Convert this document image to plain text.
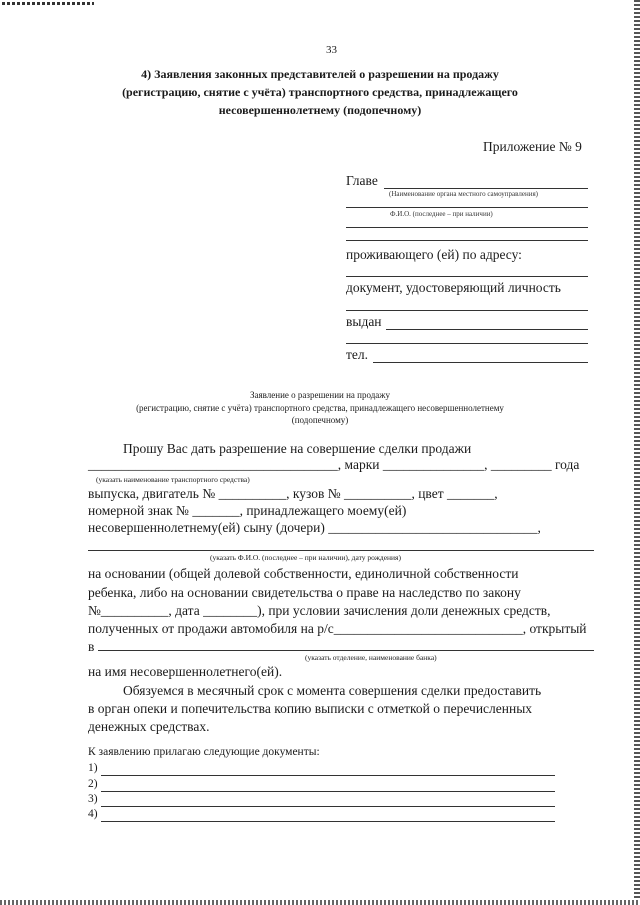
33
4) Заявления законных представителей о разрешении на продажу
(регистрацию, снятие с учёта) транспортного средства, принадлежащего
несовершеннолетнему (подопечному)
Приложение № 9
Главе
(Наименование органа местного самоуправления)
Ф.И.О. (последнее – при наличии)
проживающего (ей) по адресу:
документ, удостоверяющий личность
выдан
тел.
Заявление о разрешении на продажу
(регистрацию, снятие с учёта) транспортного средства, принадлежащего несовершеннолетнему
(подопечному)
Прошу Вас дать разрешение на совершение сделки продажи
_____________________________________, марки _______________, _________ года
(указать наименование транспортного средства)
выпуска, двигатель № __________, кузов № __________, цвет _______,
номерной знак № _______, принадлежащего моему(ей)
несовершеннолетнему(ей) сыну (дочери) _______________________________,
(указать Ф.И.О. (последнее – при наличии), дату рождения)
на основании (общей долевой собственности, единоличной собственности
ребенка, либо на основании свидетельства о праве на наследство по закону
№__________, дата ________), при условии зачисления доли денежных средств,
полученных от продажи автомобиля на р/с____________________________, открытый
в
(указать отделение, наименование банка)
на имя несовершеннолетнего(ей).
Обязуемся в месячный срок с момента совершения сделки предоставить
в орган опеки и попечительства копию выписки с отметкой о перечисленных
денежных средствах.
К заявлению прилагаю следующие документы:
1)
2)
3)
4)
